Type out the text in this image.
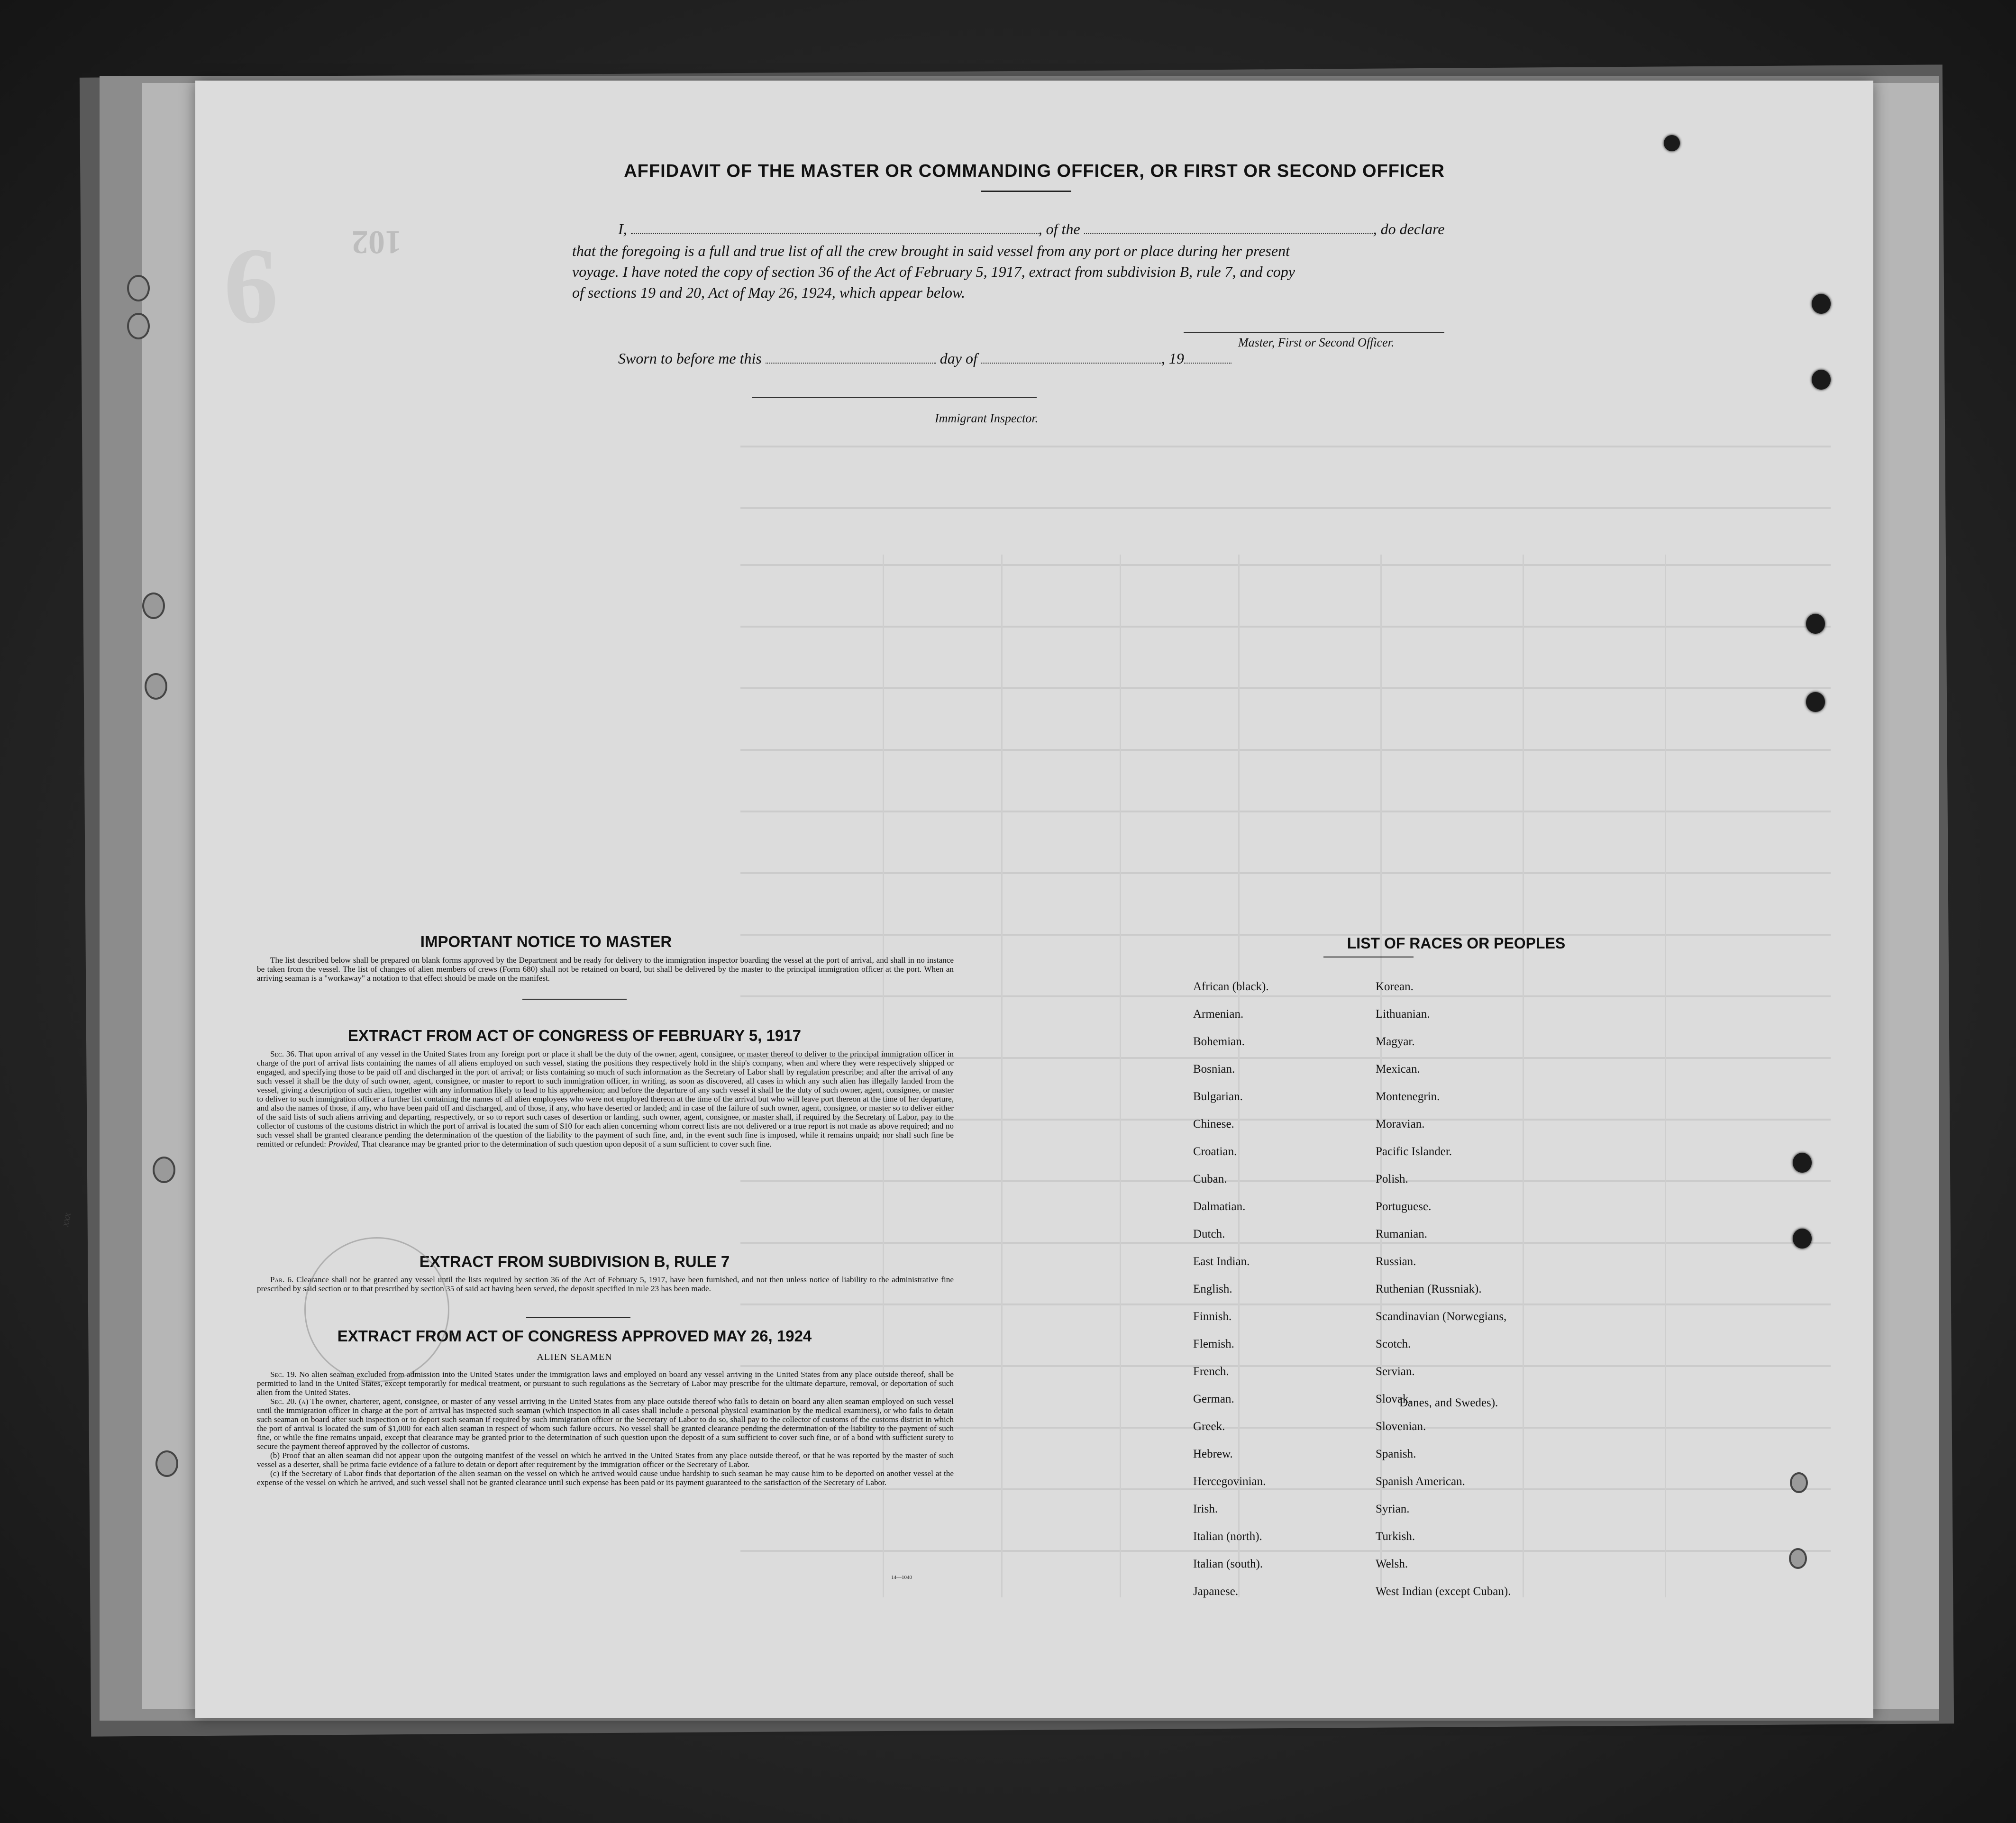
xxx
6 102
AFFIDAVIT OF THE MASTER OR COMMANDING OFFICER, OR FIRST OR SECOND OFFICER
I,	, of the	, do declare
that the foregoing is a full and true list of all the crew brought in said vessel from any port or place during her present
voyage. I have noted the copy of section 36 of the Act of February 5, 1917, extract from subdivision B, rule 7, and copy
of sections 19 and 20, Act of May 26, 1924, which appear below.
Master, First or Second Officer.
Sworn to before me this	day of	, 19
Immigrant Inspector.
IMPORTANT NOTICE TO MASTER

The list described below shall be prepared on blank forms approved by the Department and be ready for delivery to the immigration inspector boarding the vessel at the port of arrival, and shall in no instance be taken from the vessel. The list of changes of alien members of crews (Form 680) shall not be retained on board, but shall be delivered by the master to the principal immigration officer at the port. When an arriving seaman is a "workaway" a notation to that effect should be made on the manifest.

EXTRACT FROM ACT OF CONGRESS OF FEBRUARY 5, 1917

Sec. 36. That upon arrival of any vessel in the United States from any foreign port or place it shall be the duty of the owner, agent, consignee, or master thereof to deliver to the principal immigration officer in charge of the port of arrival lists containing the names of all aliens employed on such vessel, stating the positions they respectively hold in the ship's company, when and where they were respectively shipped or engaged, and specifying those to be paid off and discharged in the port of arrival; or lists containing so much of such information as the Secretary of Labor shall by regulation prescribe; and after the arrival of any such vessel it shall be the duty of such owner, agent, consignee, or master to report to such immigration officer, in writing, as soon as discovered, all cases in which any such alien has illegally landed from the vessel, giving a description of such alien, together with any information likely to lead to his apprehension; and before the departure of any such vessel it shall be the duty of such owner, agent, consignee, or master to deliver to such immigration officer a further list containing the names of all alien employees who were not employed thereon at the time of the arrival but who will leave port thereon at the time of her departure, and also the names of those, if any, who have been paid off and discharged, and of those, if any, who have deserted or landed; and in case of the failure of such owner, agent, consignee, or master so to deliver either of the said lists of such aliens arriving and departing, respectively, or so to report such cases of desertion or landing, such owner, agent, consignee, or master shall, if required by the Secretary of Labor, pay to the collector of customs of the customs district in which the port of arrival is located the sum of $10 for each alien concerning whom correct lists are not delivered or a true report is not made as above required; and no such vessel shall be granted clearance pending the determination of the question of the liability to the payment of such fine, and, in the event such fine is imposed, while it remains unpaid; nor shall such fine be remitted or refunded: Provided, That clearance may be granted prior to the determination of such question upon deposit of a sum sufficient to cover such fine.

EXTRACT FROM SUBDIVISION B, RULE 7

Par. 6. Clearance shall not be granted any vessel until the lists required by section 36 of the Act of February 5, 1917, have been furnished, and not then unless notice of liability to the administrative fine prescribed by said section or to that prescribed by section 35 of said act having been served, the deposit specified in rule 23 has been made.

EXTRACT FROM ACT OF CONGRESS APPROVED MAY 26, 1924
ALIEN SEAMEN

Sec. 19. No alien seaman excluded from admission into the United States under the immigration laws and employed on board any vessel arriving in the United States from any place outside thereof, shall be permitted to land in the United States, except temporarily for medical treatment, or pursuant to such regulations as the Secretary of Labor may prescribe for the ultimate departure, removal, or deportation of such alien from the United States.

Sec. 20. (a) The owner, charterer, agent, consignee, or master of any vessel arriving in the United States from any place outside thereof who fails to detain on board any alien seaman employed on such vessel until the immigration officer in charge at the port of arrival has inspected such seaman (which inspection in all cases shall include a personal physical examination by the medical examiners), or who fails to detain such seaman on board after such inspection or to deport such seaman if required by such immigration officer or the Secretary of Labor to do so, shall pay to the collector of customs of the customs district in which the port of arrival is located the sum of $1,000 for each alien seaman in respect of whom such failure occurs. No vessel shall be granted clearance pending the determination of the liability to the payment of such fine, or while the fine remains unpaid, except that clearance may be granted prior to the determination of such question upon the deposit of a sum sufficient to cover such fine, or of a bond with sufficient surety to secure the payment thereof approved by the collector of customs.

(b) Proof that an alien seaman did not appear upon the outgoing manifest of the vessel on which he arrived in the United States from any place outside thereof, or that he was reported by the master of such vessel as a deserter, shall be prima facie evidence of a failure to detain or deport after requirement by the immigration officer or the Secretary of Labor.

(c) If the Secretary of Labor finds that deportation of the alien seaman on the vessel on which he arrived would cause undue hardship to such seaman he may cause him to be deported on another vessel at the expense of the vessel on which he arrived, and such vessel shall not be granted clearance until such expense has been paid or its payment guaranteed to the satisfaction of the Secretary of Labor.

14—1040
LIST OF RACES OR PEOPLES
African (black).
Armenian.
Bohemian.
Bosnian.
Bulgarian.
Chinese.
Croatian.
Cuban.
Dalmatian.
Dutch.
East Indian.
English.
Finnish.
Flemish.
French.
German.
Greek.
Hebrew.
Hercegovinian.
Irish.
Italian (north).
Italian (south).
Japanese.
Korean.
Lithuanian.
Magyar.
Mexican.
Montenegrin.
Moravian.
Pacific Islander.
Polish.
Portuguese.
Rumanian.
Russian.
Ruthenian (Russniak).
Scandinavian (Norwegians,
Scotch.
Servian.
Slovak.
Slovenian.
Spanish.
Spanish American.
Syrian.
Turkish.
Welsh.
West Indian (except Cuban).
Danes, and Swedes).
